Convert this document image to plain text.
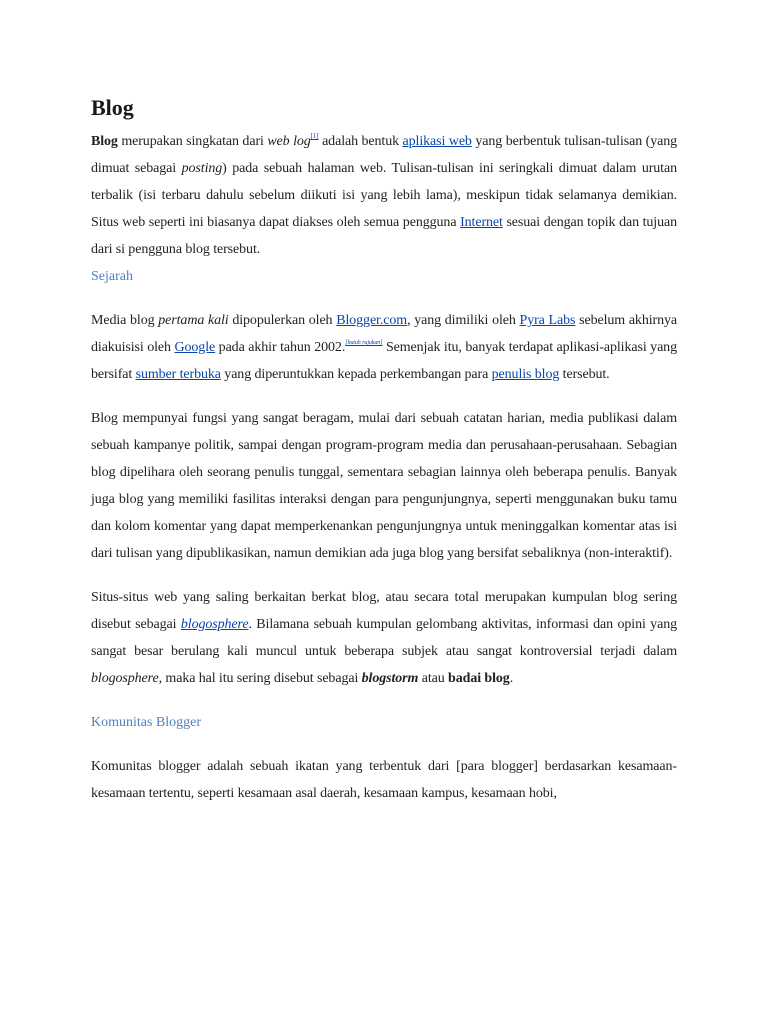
Blog

Blog merupakan singkatan dari web log[1] adalah bentuk aplikasi web yang berbentuk tulisan-tulisan (yang dimuat sebagai posting) pada sebuah halaman web. Tulisan-tulisan ini seringkali dimuat dalam urutan terbalik (isi terbaru dahulu sebelum diikuti isi yang lebih lama), meskipun tidak selamanya demikian. Situs web seperti ini biasanya dapat diakses oleh semua pengguna Internet sesuai dengan topik dan tujuan dari si pengguna blog tersebut.

Sejarah

Media blog pertama kali dipopulerkan oleh Blogger.com, yang dimiliki oleh Pyra Labs sebelum akhirnya diakuisisi oleh Google pada akhir tahun 2002.[butuh rujukan] Semenjak itu, banyak terdapat aplikasi-aplikasi yang bersifat sumber terbuka yang diperuntukkan kepada perkembangan para penulis blog tersebut.

Blog mempunyai fungsi yang sangat beragam, mulai dari sebuah catatan harian, media publikasi dalam sebuah kampanye politik, sampai dengan program-program media dan perusahaan-perusahaan. Sebagian blog dipelihara oleh seorang penulis tunggal, sementara sebagian lainnya oleh beberapa penulis. Banyak juga blog yang memiliki fasilitas interaksi dengan para pengunjungnya, seperti menggunakan buku tamu dan kolom komentar yang dapat memperkenankan pengunjungnya untuk meninggalkan komentar atas isi dari tulisan yang dipublikasikan, namun demikian ada juga blog yang bersifat sebaliknya (non-interaktif).

Situs-situs web yang saling berkaitan berkat blog, atau secara total merupakan kumpulan blog sering disebut sebagai blogosphere. Bilamana sebuah kumpulan gelombang aktivitas, informasi dan opini yang sangat besar berulang kali muncul untuk beberapa subjek atau sangat kontroversial terjadi dalam blogosphere, maka hal itu sering disebut sebagai blogstorm atau badai blog.

Komunitas Blogger

Komunitas blogger adalah sebuah ikatan yang terbentuk dari [para blogger] berdasarkan kesamaan-kesamaan tertentu, seperti kesamaan asal daerah, kesamaan kampus, kesamaan hobi,
